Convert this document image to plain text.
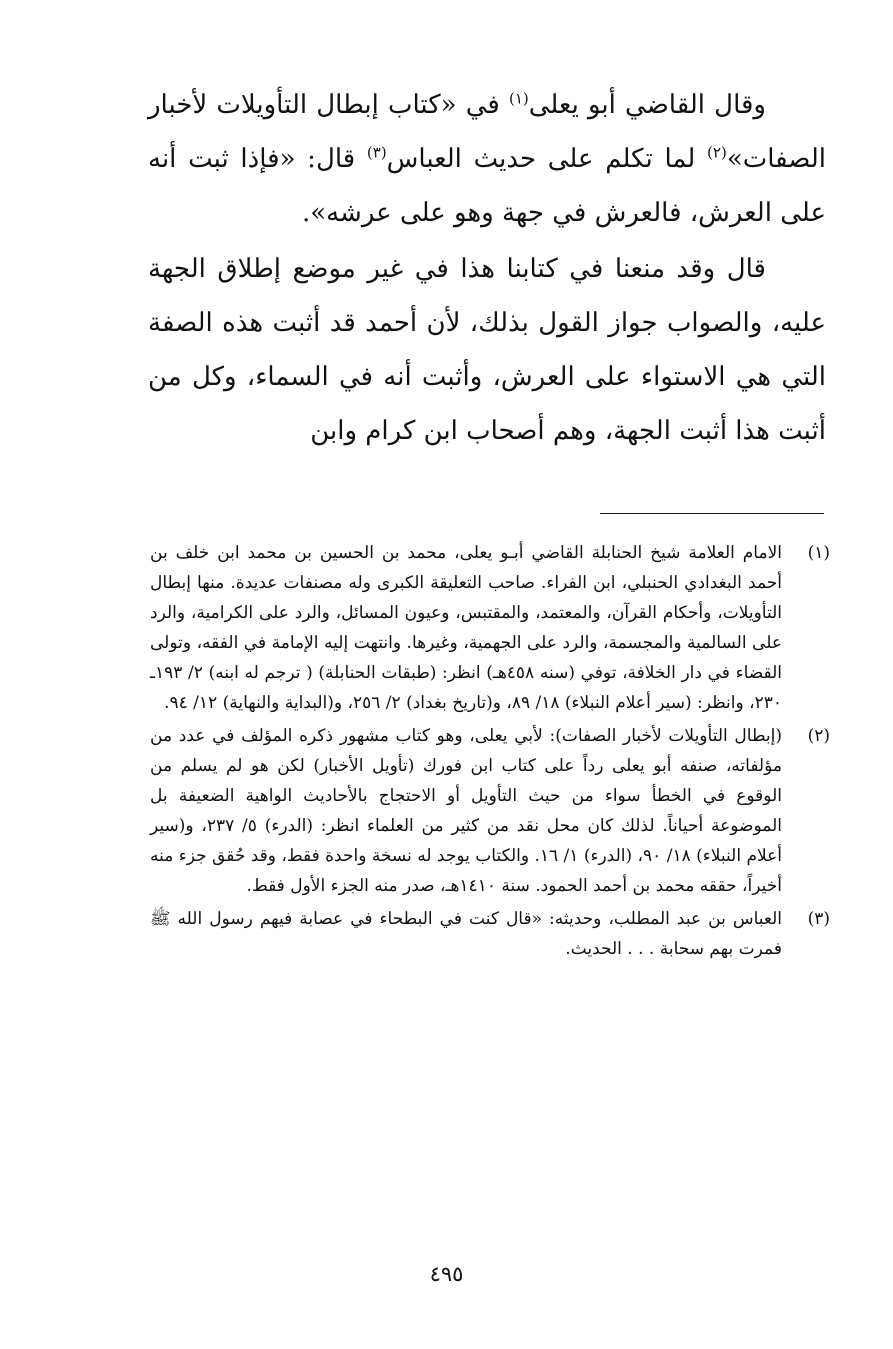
وقال القاضي أبو يعلى$^{(١)}$ في «كتاب إبطال التأويلات لأخبار الصفات»$^{(٢)}$ لما تكلم على حديث العباس$^{(٣)}$ قال: «فإذا ثبت أنه على العرش، فالعرش في جهة وهو على عرشه».

قال وقد منعنا في كتابنا هذا في غير موضع إطلاق الجهة عليه، والصواب جواز القول بذلك، لأن أحمد قد أثبت هذه الصفة التي هي الاستواء على العرش، وأثبت أنه في السماء، وكل من أثبت هذا أثبت الجهة، وهم أصحاب ابن كرام وابن

(١)
الامام العلامة شيخ الحنابلة القاضي أبـو يعلى، محمد بن الحسين بن محمد ابن خلف بن أحمد البغدادي الحنبلي، ابن الفراء. صاحب التعليقة الكبرى وله مصنفات عديدة. منها إبطال التأويلات، وأحكام القرآن، والمعتمد، والمقتبس، وعيون المسائل، والرد على الكرامية، والرد على السالمية والمجسمة، والرد على الجهمية، وغيرها. وانتهت إليه الإمامة في الفقه، وتولى القضاء في دار الخلافة، توفي (سنه ٤٥٨هـ) انظر: (طبقات الحنابلة) ( ترجم له ابنه) ٢/ ١٩٣ـ ٢٣٠، وانظر: (سير أعلام النبلاء) ١٨/ ٨٩، و(تاريخ بغداد) ٢/ ٢٥٦، و(البداية والنهاية) ١٢/ ٩٤.
(٢)
(إبطال التأويلات لأخبار الصفات): لأبي يعلى، وهو كتاب مشهور ذكره المؤلف في عدد من مؤلفاته، صنفه أبو يعلى رداً على كتاب ابن فورك (تأويل الأخبار) لكن هو لم يسلم من الوقوع في الخطأ سواء من حيث التأويل أو الاحتجاج بالأحاديث الواهية الضعيفة بل الموضوعة أحياناً. لذلك كان محل نقد من كثير من العلماء انظر: (الدرء) ٥/ ٢٣٧، و(سير أعلام النبلاء) ١٨/ ٩٠، (الدرء) ١/ ١٦. والكتاب يوجد له نسخة واحدة فقط، وقد حُقق جزء منه أخيراً، حققه محمد بن أحمد الحمود. سنة ١٤١٠هـ، صدر منه الجزء الأول فقط.
(٣)
العباس بن عبد المطلب، وحديثه: «قال كنت في البطحاء في عصابة فيهم رسول الله ﷺ فمرت بهم سحابة . . . الحديث.
٤٩٥
